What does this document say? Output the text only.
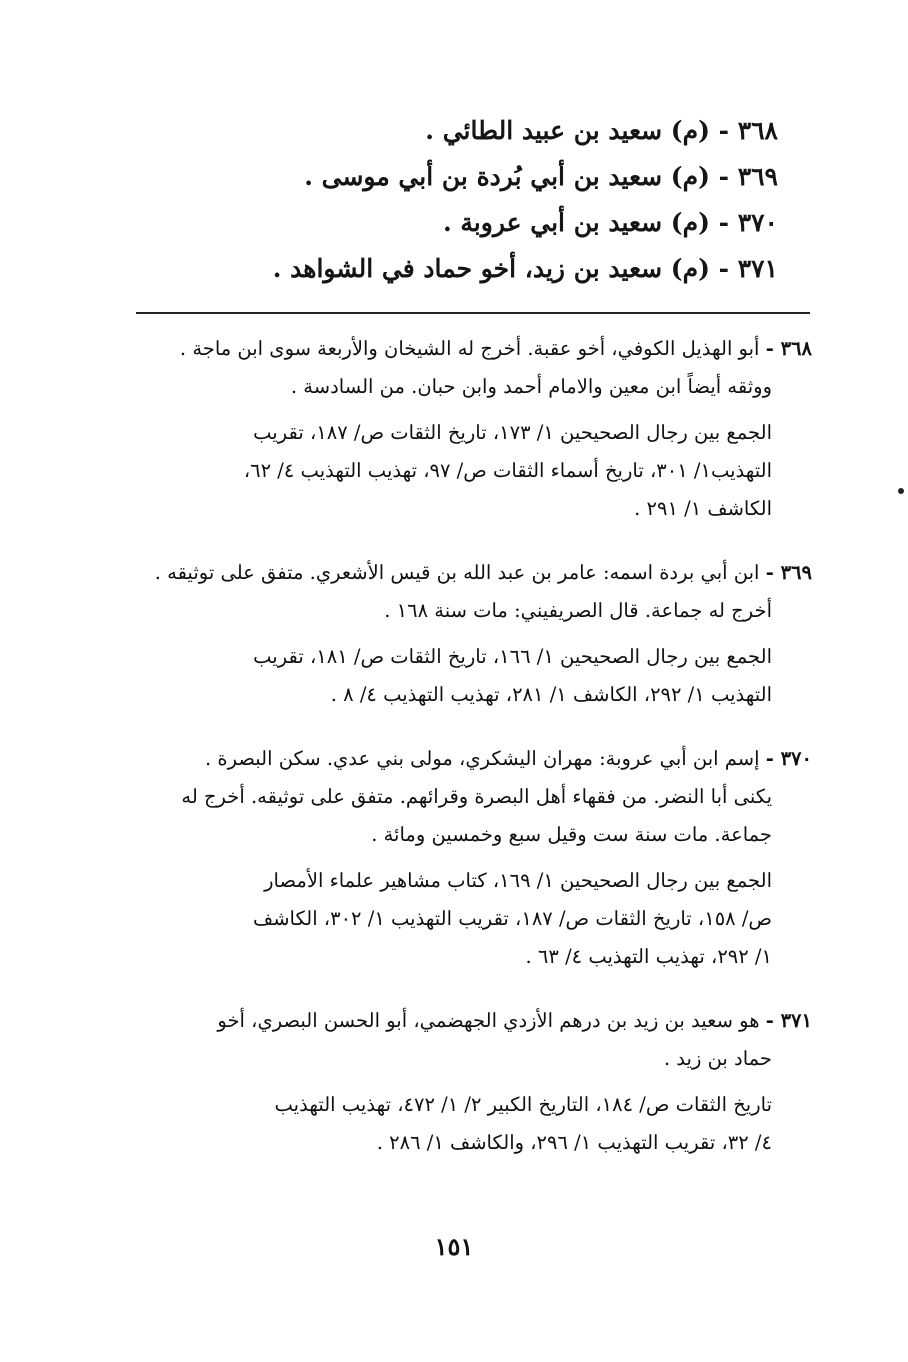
٣٦٨ - (م) سعيد بن عبيد الطائي .
٣٦٩ - (م) سعيد بن أبي بُردة بن أبي موسى .
٣٧٠ - (م) سعيد بن أبي عروبة .
٣٧١ - (م) سعيد بن زيد، أخو حماد في الشواهد .
٣٦٨ - أبو الهذيل الكوفي، أخو عقبة. أخرج له الشيخان والأربعة سوى ابن ماجة .
ووثقه أيضاً ابن معين والامام أحمد وابن حبان. من السادسة .
الجمع بين رجال الصحيحين ١/ ١٧٣، تاريخ الثقات ص/ ١٨٧، تقريب
التهذيب١/ ٣٠١، تاريخ أسماء الثقات ص/ ٩٧، تهذيب التهذيب ٤/ ٦٢،
الكاشف ١/ ٢٩١ .
٣٦٩ - ابن أبي بردة اسمه: عامر بن عبد الله بن قيس الأشعري. متفق على توثيقه .
أخرج له جماعة. قال الصريفيني: مات سنة ١٦٨ .
الجمع بين رجال الصحيحين ١/ ١٦٦، تاريخ الثقات ص/ ١٨١، تقريب
التهذيب ١/ ٢٩٢، الكاشف ١/ ٢٨١، تهذيب التهذيب ٤/ ٨ .
٣٧٠ - إسم ابن أبي عروبة: مهران اليشكري، مولى بني عدي. سكن البصرة .
يكنى أبا النضر. من فقهاء أهل البصرة وقرائهم. متفق على توثيقه. أخرج له
جماعة. مات سنة ست وقيل سبع وخمسين ومائة .
الجمع بين رجال الصحيحين ١/ ١٦٩، كتاب مشاهير علماء الأمصار
ص/ ١٥٨، تاريخ الثقات ص/ ١٨٧، تقريب التهذيب ١/ ٣٠٢، الكاشف
١/ ٢٩٢، تهذيب التهذيب ٤/ ٦٣ .
٣٧١ - هو سعيد بن زيد بن درهم الأزدي الجهضمي، أبو الحسن البصري، أخو
حماد بن زيد .
تاريخ الثقات ص/ ١٨٤، التاريخ الكبير ٢/ ١/ ٤٧٢، تهذيب التهذيب
٤/ ٣٢، تقريب التهذيب ١/ ٢٩٦، والكاشف ١/ ٢٨٦ .
١٥١
